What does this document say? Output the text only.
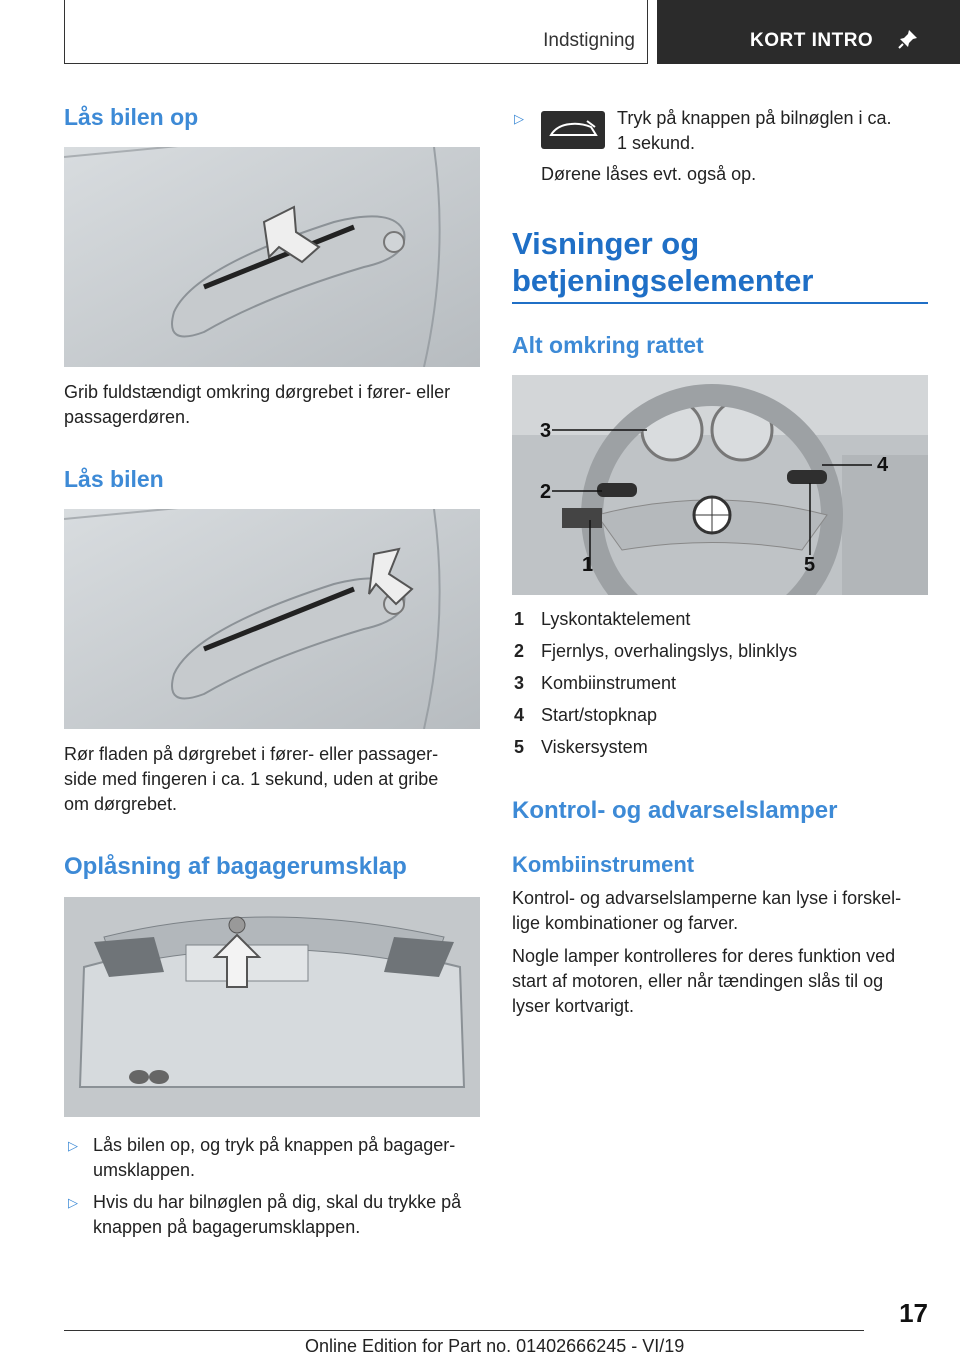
Indstigning	KORT INTRO
Lås bilen op
Grib fuldstændigt omkring dørgrebet i fører- eller passagerdøren.
Lås bilen
Rør fladen på dørgrebet i fører- eller passager‐
side med fingeren i ca. 1 sekund, uden at gribe
om dørgrebet.
Oplåsning af bagagerumsklap
▷ Lås bilen op, og tryk på knappen på bagager‐
umsklappen.
▷ Hvis du har bilnøglen på dig, skal du trykke på
knappen på bagagerumsklappen.
▷	Tryk på knappen på bilnøglen i ca.
1 sekund.
Dørene låses evt. også op.
Visninger og
betjeningselementer
Alt omkring rattet
3
2
1
4
5
1 Lyskontaktelement
2 Fjernlys, overhalingslys, blinklys
3 Kombiinstrument
4 Start/stopknap
5 Viskersystem
Kontrol- og advarselslamper
Kombiinstrument
Kontrol- og advarselslamperne kan lyse i forskel‐
lige kombinationer og farver.
Nogle lamper kontrolleres for deres funktion ved
start af motoren, eller når tændingen slås til og
lyser kortvarigt.
17
Online Edition for Part no. 01402666245 - VI/19
